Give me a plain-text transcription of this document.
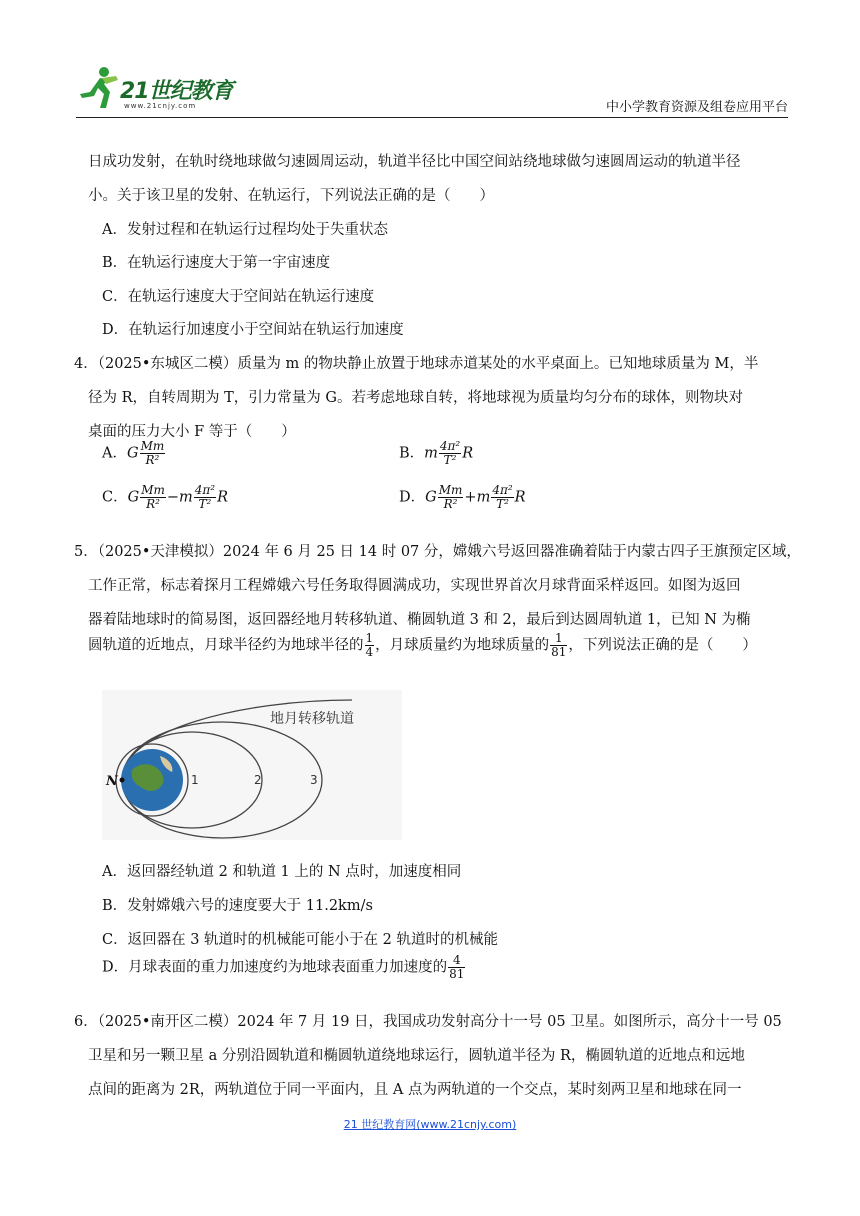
21世纪教育
www.21cnjy.com	中小学教育资源及组卷应用平台
日成功发射，在轨时绕地球做匀速圆周运动，轨道半径比中国空间站绕地球做匀速圆周运动的轨道半径
小。关于该卫星的发射、在轨运行，下列说法正确的是（　　）
A．发射过程和在轨运行过程均处于失重状态
B．在轨运行速度大于第一宇宙速度
C．在轨运行速度大于空间站在轨运行速度
D．在轨运行加速度小于空间站在轨运行加速度
4．（2025•东城区二模）质量为 m 的物块静止放置于地球赤道某处的水平桌面上。已知地球质量为 M，半
径为 R，自转周期为 T，引力常量为 G。若考虑地球自转，将地球视为质量均匀分布的球体，则物块对
桌面的压力大小 F 等于（　　）
A．G $\frac{Mm}{\text{R²}}$	B．m $\frac{\text{4π²}}{\text{T²}}$ R
C．G $\frac{Mm}{\text{R²}} -m \frac{\text{4π²}}{\text{T²}}$ R	D．G $\frac{Mm}{\text{R²}} +m \frac{\text{4π²}}{\text{T²}}$ R
5．（2025•天津模拟）2024 年 6 月 25 日 14 时 07 分，嫦娥六号返回器准确着陆于内蒙古四子王旗预定区域，
工作正常，标志着探月工程嫦娥六号任务取得圆满成功，实现世界首次月球背面采样返回。如图为返回
器着陆地球时的简易图，返回器经地月转移轨道、椭圆轨道 3 和 2，最后到达圆周轨道 1，已知 N 为椭
圆轨道的近地点，月球半径约为地球半径的 $\frac{1}{4}$ ，月球质量约为地球质量的 $\frac{1}{81}$ ，下列说法正确的是（　　）
A．返回器经轨道 2 和轨道 1 上的 N 点时，加速度相同
B．发射嫦娥六号的速度要大于 11.2km/s
C．返回器在 3 轨道时的机械能可能小于在 2 轨道时的机械能
D．月球表面的重力加速度约为地球表面重力加速度的 $\frac{4}{81}$
6．（2025•南开区二模）2024 年 7 月 19 日，我国成功发射高分十一号 05 卫星。如图所示，高分十一号 05
卫星和另一颗卫星 a 分别沿圆轨道和椭圆轨道绕地球运行，圆轨道半径为 R，椭圆轨道的近地点和远地
点间的距离为 2R，两轨道位于同一平面内，且 A 点为两轨道的一个交点，某时刻两卫星和地球在同一
N	1	2	3
地月转移轨道
21 世纪教育网(www.21cnjy.com)
